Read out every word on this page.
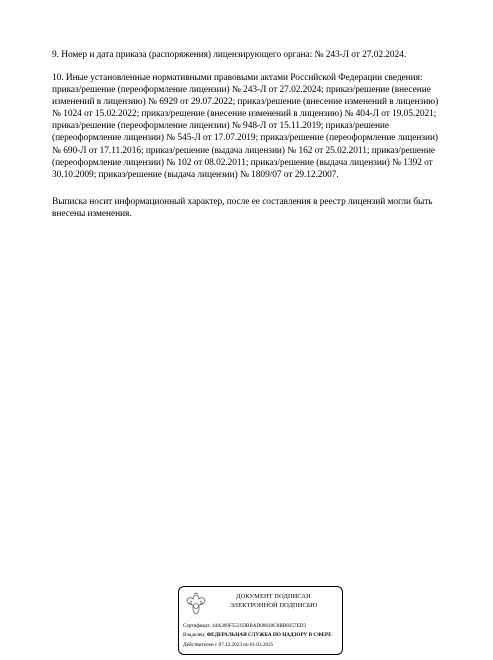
9. Номер и дата приказа (распоряжения) лицензирующего органа: № 243-Л от 27.02.2024.

10. Иные установленные нормативными правовыми актами Российской Федерации сведения:
приказ/решение (переоформление лицензии) № 243-Л от 27.02.2024; приказ/решение (внесение
изменений в лицензию) № 6929 от 29.07.2022; приказ/решение (внесение изменений в лицензию)
№ 1024 от 15.02.2022; приказ/решение (внесение изменений в лицензию) № 404-Л от 19.05.2021;
приказ/решение (переоформление лицензии) № 948-Л от 15.11.2019; приказ/решение
(переоформление лицензии) № 545-Л от 17.07.2019; приказ/решение (переоформление лицензии)
№ 690-Л от 17.11.2016; приказ/решение (выдача лицензии) № 162 от 25.02.2011; приказ/решение
(переоформление лицензии) № 102 от 08.02.2011; приказ/решение (выдача лицензии) № 1392 от
30.10.2009; приказ/решение (выдача лицензии) № 1809/07 от 29.12.2007.

Выписка носит информационный характер, после ее составления в реестр лицензий могли быть
внесены изменения.

ДОКУМЕНТ ПОДПИСАН
ЭЛЕКТРОННОЙ ПОДПИСЬЮ
Сертификат: 44A369F5521DBBAD08610C8BB8257ED3
Владелец: ФЕДЕРАЛЬНАЯ СЛУЖБА ПО НАДЗОРУ В СФЕРЕ
Действителен с 07.12.2023 по 01.03.2025
